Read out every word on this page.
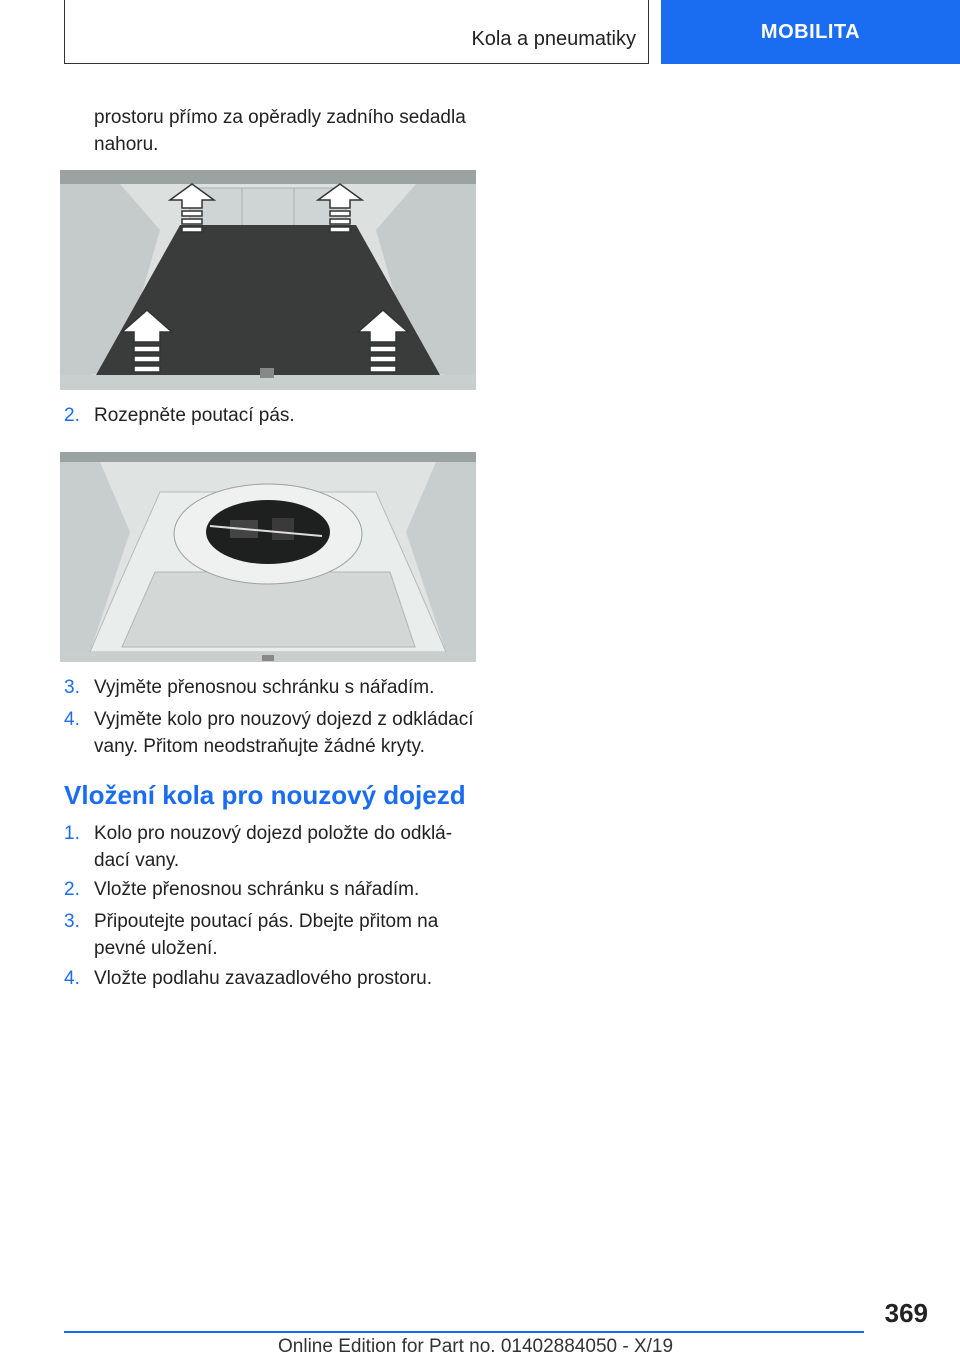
Kola a pneumatiky	MOBILITA
prostoru přímo za opěradly zadního sedadla
nahoru.
2. Rozepněte poutací pás.
3. Vyjměte přenosnou schránku s nářadím.
4. Vyjměte kolo pro nouzový dojezd z odkládací
vany. Přitom neodstraňujte žádné kryty.
Vložení kola pro nouzový dojezd
1. Kolo pro nouzový dojezd položte do odklá-
dací vany.
2. Vložte přenosnou schránku s nářadím.
3. Připoutejte poutací pás. Dbejte přitom na
pevné uložení.
4. Vložte podlahu zavazadlového prostoru.
369
Online Edition for Part no. 01402884050 - X/19
